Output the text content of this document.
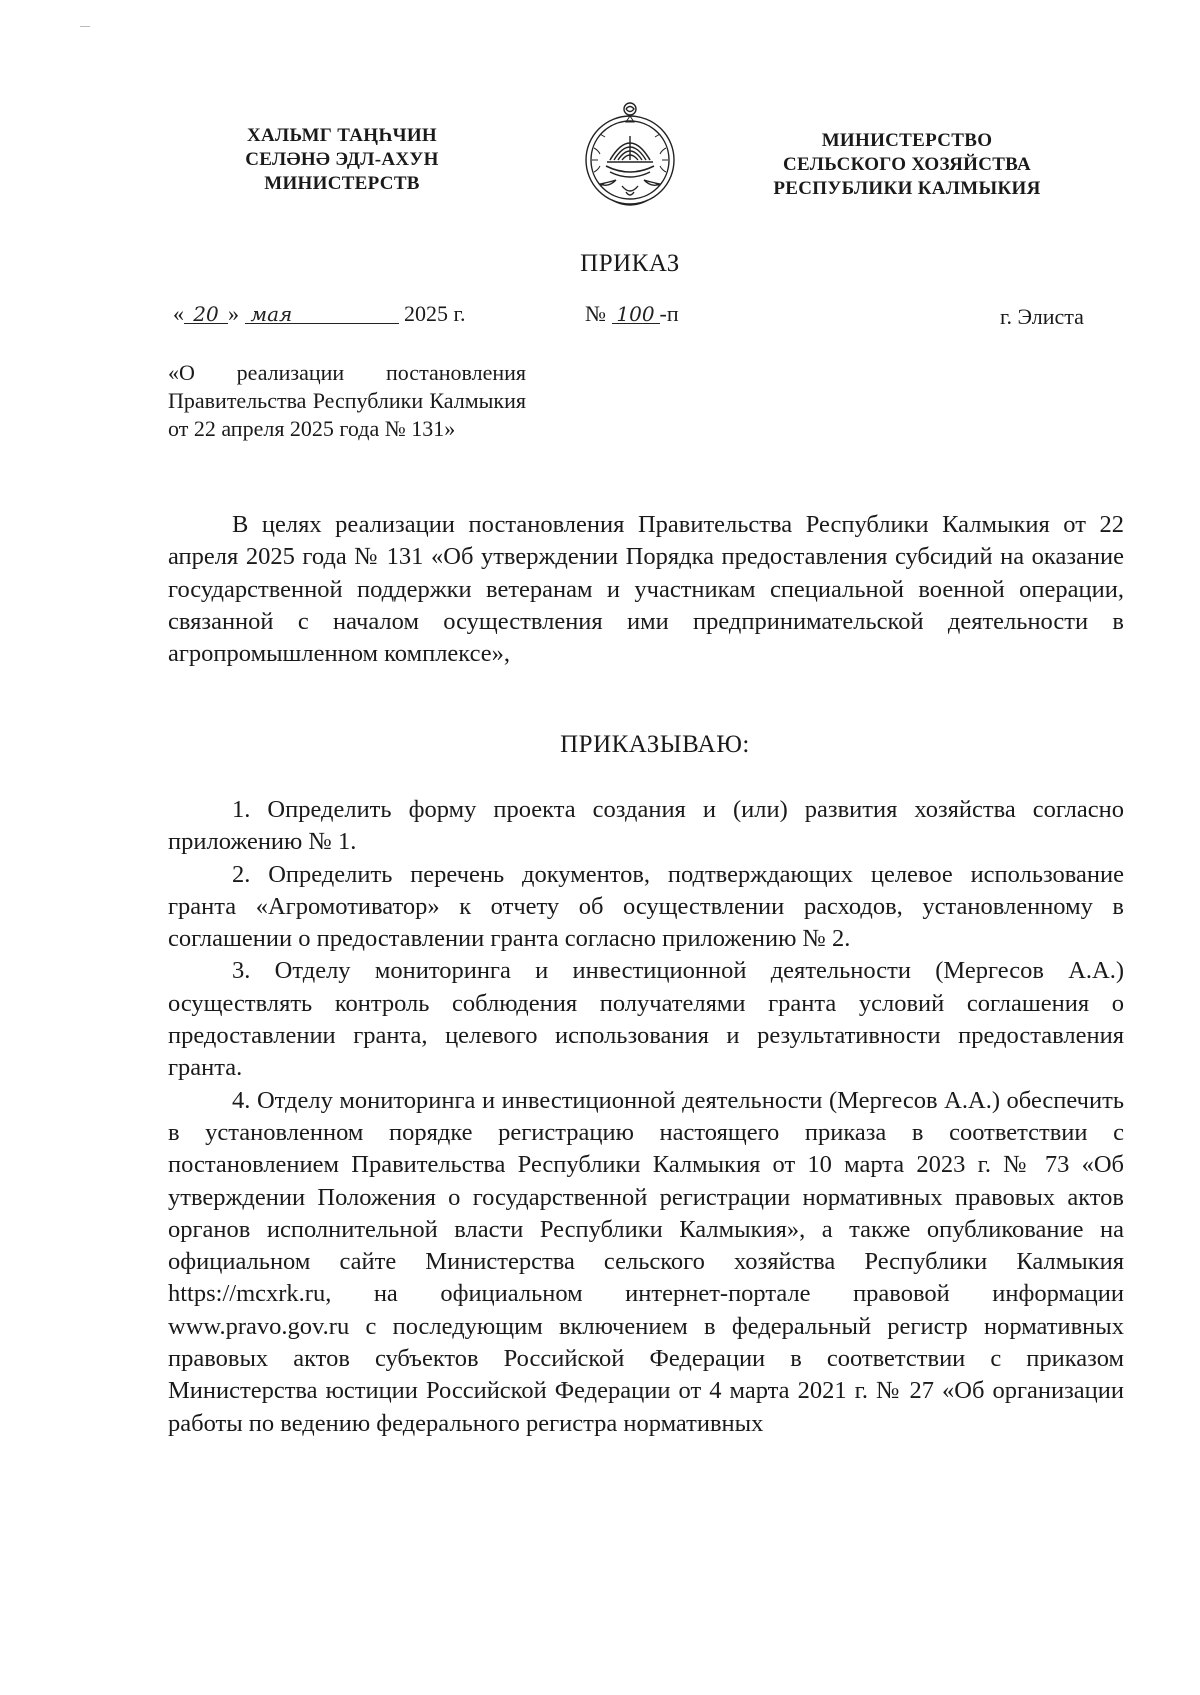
ХАЛЬМГ ТАҢҺЧИН
СЕЛӘНӘ ЭДЛ-АХУН
МИНИСТЕРСТВ
МИНИСТЕРСТВО
СЕЛЬСКОГО ХОЗЯЙСТВА
РЕСПУБЛИКИ КАЛМЫКИЯ
ПРИКАЗ
« 20 » мая	2025 г.	№ 100 -п	г. Элиста
«О реализации постановления Правительства Республики Калмыкия от 22 апреля 2025 года № 131»

В целях реализации постановления Правительства Республики Калмыкия от 22 апреля 2025 года № 131 «Об утверждении Порядка предоставления субсидий на оказание государственной поддержки ветеранам и участникам специальной военной операции, связанной с началом осуществления ими предпринимательской деятельности в агропромышленном комплексе»,

ПРИКАЗЫВАЮ:

1. Определить форму проекта создания и (или) развития хозяйства согласно приложению № 1.

2. Определить перечень документов, подтверждающих целевое использование гранта «Агромотиватор» к отчету об осуществлении расходов, установленному в соглашении о предоставлении гранта согласно приложению № 2.

3. Отделу мониторинга и инвестиционной деятельности (Мергесов А.А.) осуществлять контроль соблюдения получателями гранта условий соглашения о предоставлении гранта, целевого использования и результативности предоставления гранта.

4. Отделу мониторинга и инвестиционной деятельности (Мергесов А.А.) обеспечить в установленном порядке регистрацию настоящего приказа в соответствии с постановлением Правительства Республики Калмыкия от 10 марта 2023 г. № 73 «Об утверждении Положения о государственной регистрации нормативных правовых актов органов исполнительной власти Республики Калмыкия», а также опубликование на официальном сайте Министерства сельского хозяйства Республики Калмыкия https://mcxrk.ru, на официальном интернет-портале правовой информации www.pravo.gov.ru с последующим включением в федеральный регистр нормативных правовых актов субъектов Российской Федерации в соответствии с приказом Министерства юстиции Российской Федерации от 4 марта 2021 г. № 27 «Об организации работы по ведению федерального регистра нормативных
